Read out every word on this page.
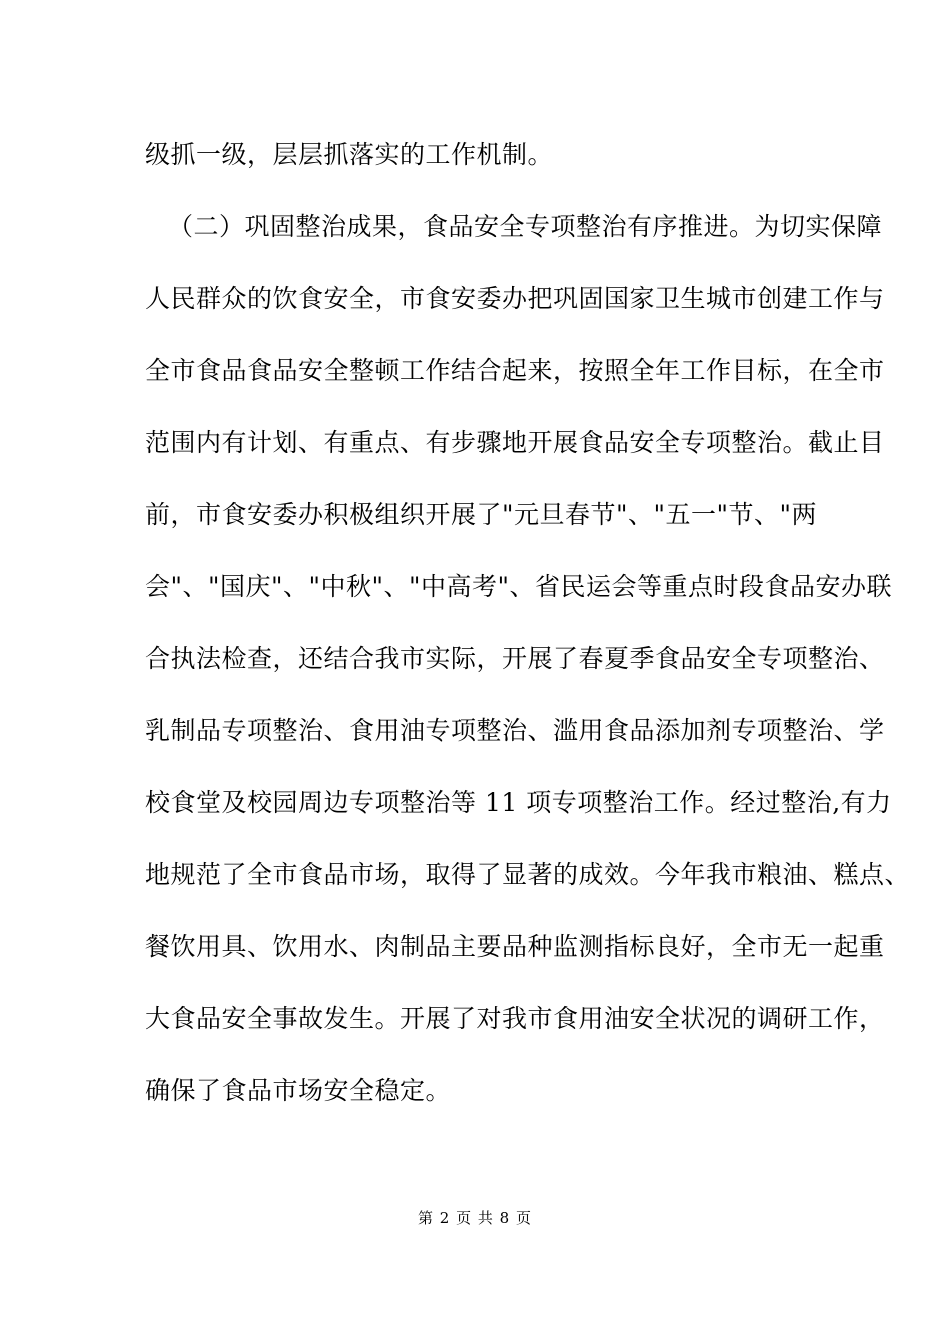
级抓一级，层层抓落实的工作机制。
（二）巩固整治成果，食品安全专项整治有序推进。为切实保障
人民群众的饮食安全，市食安委办把巩固国家卫生城市创建工作与
全市食品食品安全整顿工作结合起来，按照全年工作目标，在全市
范围内有计划、有重点、有步骤地开展食品安全专项整治。截止目
前，市食安委办积极组织开展了"元旦春节"、"五一"节、"两
会"、"国庆"、"中秋"、"中高考"、省民运会等重点时段食品安办联
合执法检查，还结合我市实际，开展了春夏季食品安全专项整治、
乳制品专项整治、食用油专项整治、滥用食品添加剂专项整治、学
校食堂及校园周边专项整治等 11 项专项整治工作。经过整治,有力
地规范了全市食品市场，取得了显著的成效。今年我市粮油、糕点、
餐饮用具、饮用水、肉制品主要品种监测指标良好，全市无一起重
大食品安全事故发生。开展了对我市食用油安全状况的调研工作，
确保了食品市场安全稳定。
第 2 页 共 8 页
